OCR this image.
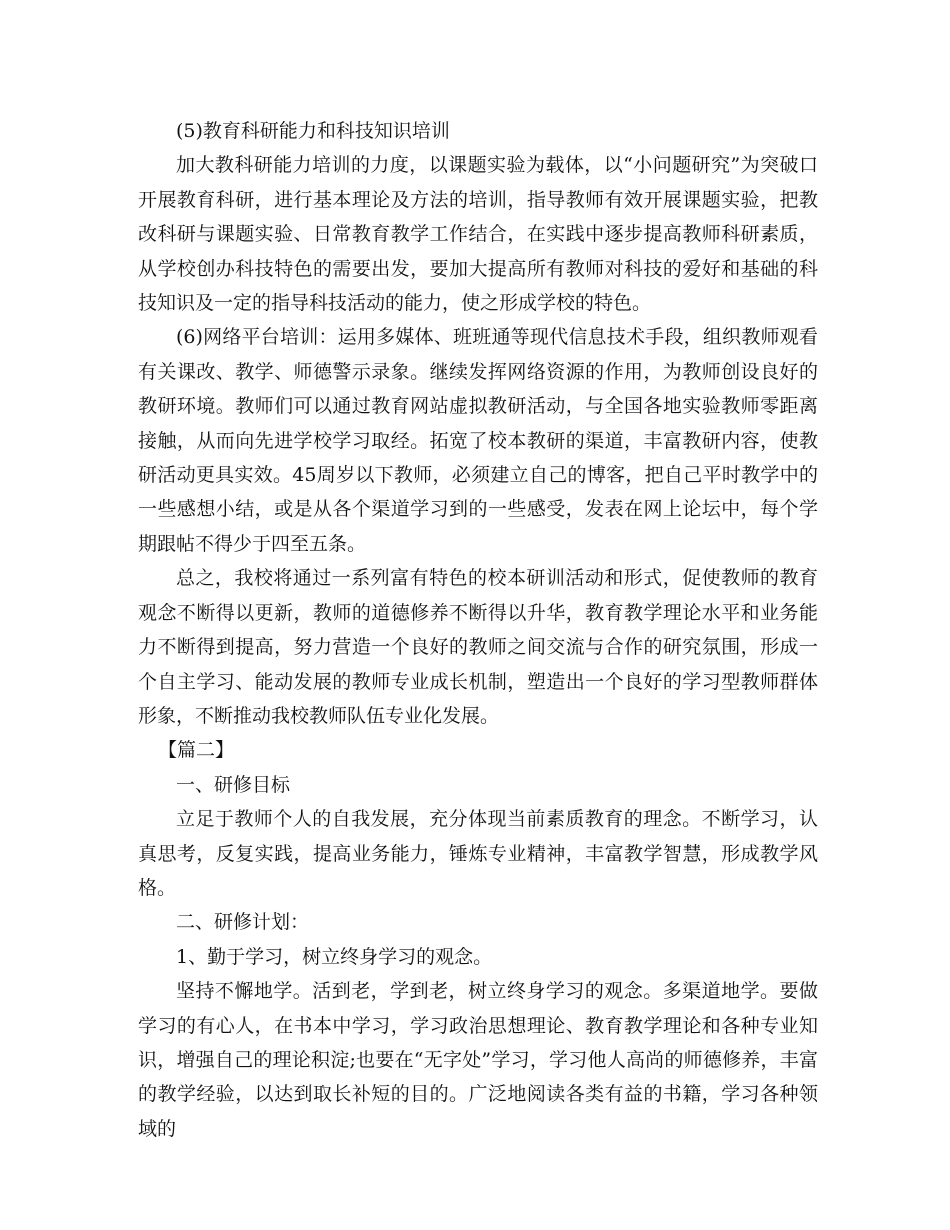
(5)教育科研能力和科技知识培训

加大教科研能力培训的力度，以课题实验为载体，以“小问题研究”为突破口开展教育科研，进行基本理论及方法的培训，指导教师有效开展课题实验，把教改科研与课题实验、日常教育教学工作结合，在实践中逐步提高教师科研素质，从学校创办科技特色的需要出发，要加大提高所有教师对科技的爱好和基础的科技知识及一定的指导科技活动的能力，使之形成学校的特色。

(6)网络平台培训：运用多媒体、班班通等现代信息技术手段，组织教师观看有关课改、教学、师德警示录象。继续发挥网络资源的作用，为教师创设良好的教研环境。教师们可以通过教育网站虚拟教研活动，与全国各地实验教师零距离接触，从而向先进学校学习取经。拓宽了校本教研的渠道，丰富教研内容，使教研活动更具实效。45周岁以下教师，必须建立自己的博客，把自己平时教学中的一些感想小结，或是从各个渠道学习到的一些感受，发表在网上论坛中，每个学期跟帖不得少于四至五条。

总之，我校将通过一系列富有特色的校本研训活动和形式，促使教师的教育观念不断得以更新，教师的道德修养不断得以升华，教育教学理论水平和业务能力不断得到提高，努力营造一个良好的教师之间交流与合作的研究氛围，形成一个自主学习、能动发展的教师专业成长机制，塑造出一个良好的学习型教师群体形象，不断推动我校教师队伍专业化发展。

【篇二】

一、研修目标

立足于教师个人的自我发展，充分体现当前素质教育的理念。不断学习，认真思考，反复实践，提高业务能力，锤炼专业精神，丰富教学智慧，形成教学风格。

二、研修计划：

1、勤于学习，树立终身学习的观念。

坚持不懈地学。活到老，学到老，树立终身学习的观念。多渠道地学。要做学习的有心人，在书本中学习，学习政治思想理论、教育教学理论和各种专业知识，增强自己的理论积淀;也要在“无字处”学习，学习他人高尚的师德修养，丰富的教学经验，以达到取长补短的目的。广泛地阅读各类有益的书籍，学习各种领域的
